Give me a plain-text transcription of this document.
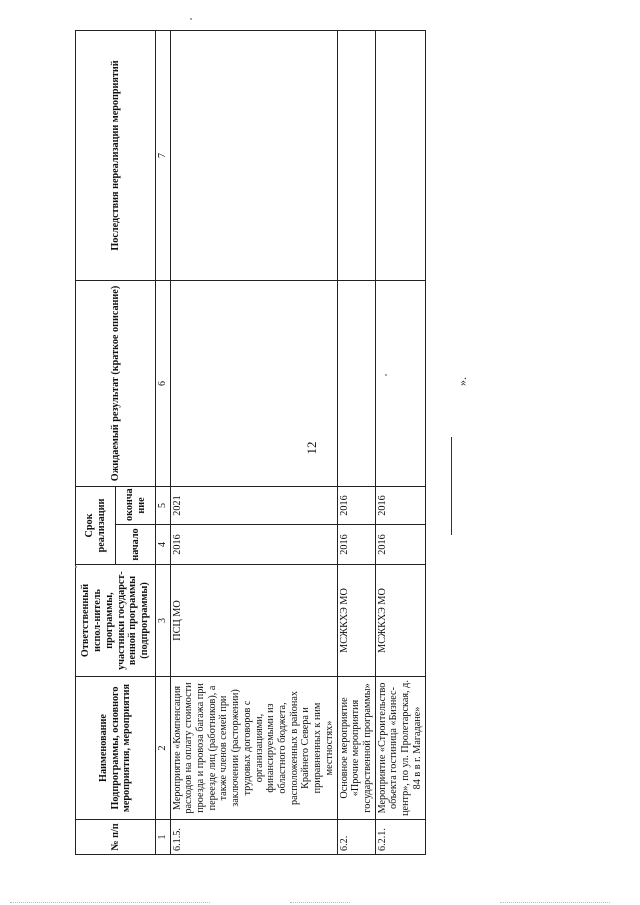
12
№ п/п	Наименование Подпрограммы, основного мероприятия, мероприятия	Ответственный испол-нитель программы, участники государст-венной программы (подпрограммы)	Срок реализации		Ожидаемый результат (краткое описание)	Последствия нереализации мероприятий
			начало	оконча ние		
1	2	3	4	5	6	7
6.1.5.	Мероприятие «Компенсация расходов на оплату стоимости проезда и провоза багажа при переезде лиц (работников), а также членов семей при заключении (расторжении) трудовых договоров с организациями, финансируемыми из областного бюджета, расположенных в районах Крайнего Севера и приравненных к ним местностях»	ПСЦ МО	2016	2021		
6.2.	Основное мероприятие «Прочие мероприятия государственной программы»	МСЖКХЭ МО	2016	2016		
6.2.1.	Мероприятие «Строительство объекта гостиница «Бизнес-центр», по ул. Пролетарская, д. 84 в в г. Магадане»	МСЖКХЭ МО	2016	2016		
».
